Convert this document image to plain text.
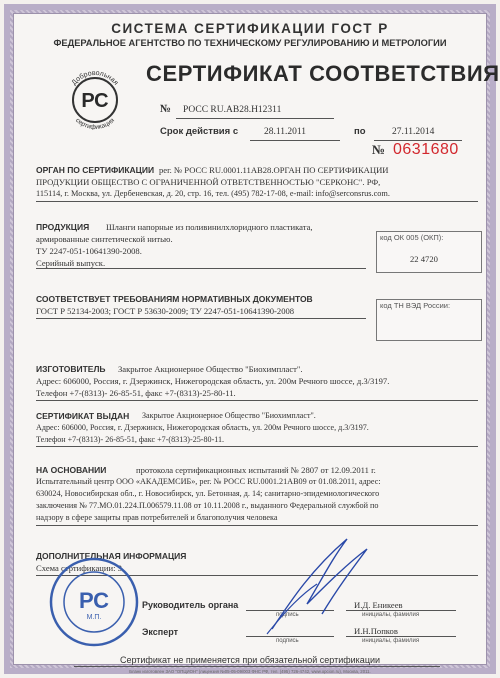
СИСТЕМА СЕРТИФИКАЦИИ ГОСТ Р
ФЕДЕРАЛЬНОЕ АГЕНТСТВО ПО ТЕХНИЧЕСКОМУ РЕГУЛИРОВАНИЮ И МЕТРОЛОГИИ
Добровольная
сертификация
РС
СЕРТИФИКАТ СООТВЕТСТВИЯ
№ РОСС RU.АВ28.Н12311
Срок действия с	28.11.2011	по	27.11.2014
№ 0631680
ОРГАН ПО СЕРТИФИКАЦИИ рег. № РОСС RU.0001.11АВ28.ОРГАН ПО СЕРТИФИКАЦИИ
ПРОДУКЦИИ ОБЩЕСТВО С ОГРАНИЧЕННОЙ ОТВЕТСТВЕННОСТЬЮ "СЕРКОНС". РФ,
115114, г. Москва, ул. Дербеневская, д. 20, стр. 16, тел. (495) 782-17-08, e-mail: info@serconsrus.com.
ПРОДУКЦИЯ Шланги напорные из поливинилхлоридного пластиката,
армированные синтетической нитью.
ТУ 2247-051-10641390-2008.
Серийный выпуск.
код ОК 005 (ОКП):
22 4720
СООТВЕТСТВУЕТ ТРЕБОВАНИЯМ НОРМАТИВНЫХ ДОКУМЕНТОВ
ГОСТ Р 52134-2003; ГОСТ Р 53630-2009; ТУ 2247-051-10641390-2008
код ТН ВЭД России:
ИЗГОТОВИТЕЛЬ Закрытое Акционерное Общество "Биохимпласт".
Адрес: 606000, Россия, г. Дзержинск, Нижегородская область, ул. 200м Речного шоссе, д.3/3197.
Телефон +7-(8313)- 26-85-51, факс +7-(8313)-25-80-11.
СЕРТИФИКАТ ВЫДАН Закрытое Акционерное Общество "Биохимпласт".
Адрес: 606000, Россия, г. Дзержинск, Нижегородская область, ул. 200м Речного шоссе, д.3/3197.
Телефон +7-(8313)- 26-85-51, факс +7-(8313)-25-80-11.
НА ОСНОВАНИИ	протокола сертификационных испытаний № 2807 от 12.09.2011 г.
Испытательный центр ООО «АКАДЕМСИБ», рег. № РОСС RU.0001.21АВ09 от 01.08.2011, адрес:
630024, Новосибирская обл., г. Новосибирск, ул. Бетонная, д. 14; санитарно-эпидемиологического
заключения № 77.МО.01.224.П.006579.11.08 от 10.11.2008 г., выданного Федеральной службой по
надзору в сфере защиты прав потребителей и благополучия человека
ДОПОЛНИТЕЛЬНАЯ ИНФОРМАЦИЯ
Схема сертификации: 3.
РС
М.П.
Руководитель органа
подпись
И.Д. Еникеев
инициалы, фамилия
Эксперт
подпись
И.Н.Попков
инициалы, фамилия
Сертификат не применяется при обязательной сертификации
Бланк изготовлен ЗАО "ОПЦИОН" (лицензия №05-05-09/003 ФНС РФ, тел. (495) 726-4742, www.opcion.ru), Москва, 2011.
